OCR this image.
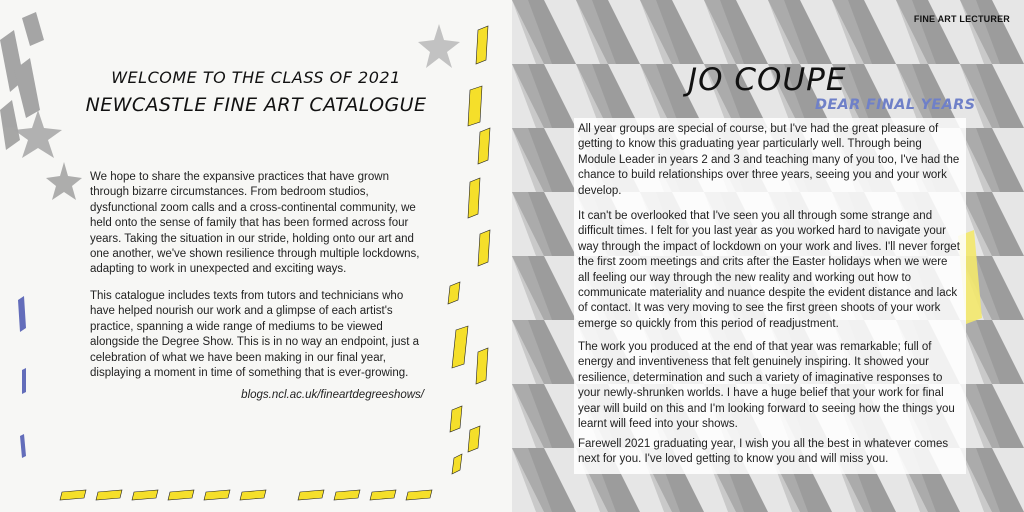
WELCOME TO THE CLASS OF 2021
NEWCASTLE FINE ART CATALOGUE

We hope to share the expansive practices that have grown through bizarre circumstances. From bedroom studios, dysfunctional zoom calls and a cross-continental community, we held onto the sense of family that has been formed across four years. Taking the situation in our stride, holding onto our art and one another, we've shown resilience through multiple lockdowns, adapting to work in unexpected and exciting ways.

This catalogue includes texts from tutors and technicians who have helped nourish our work and a glimpse of each artist's practice, spanning a wide range of mediums to be viewed alongside the Degree Show. This is in no way an endpoint, just a celebration of what we have been making in our final year, displaying a moment in time of something that is ever-growing.

blogs.ncl.ac.uk/fineartdegreeshows/
FINE ART LECTURER
JO COUPE
DEAR FINAL YEARS

All year groups are special of course, but I've had the great pleasure of getting to know this graduating year particularly well. Through being Module Leader in years 2 and 3 and teaching many of you too, I've had the chance to build relationships over three years, seeing you and your work develop.

It can't be overlooked that I've seen you all through some strange and difficult times. I felt for you last year as you worked hard to navigate your way through the impact of lockdown on your work and lives. I'll never forget the first zoom meetings and crits after the Easter holidays when we were all feeling our way through the new reality and working out how to communicate materiality and nuance despite the evident distance and lack of contact. It was very moving to see the first green shoots of your work emerge so quickly from this period of readjustment.

The work you produced at the end of that year was remarkable; full of energy and inventiveness that felt genuinely inspiring. It showed your resilience, determination and such a variety of imaginative responses to your newly-shrunken worlds. I have a huge belief that your work for final year will build on this and I'm looking forward to seeing how the things you learnt will feed into your shows.

Farewell 2021 graduating year, I wish you all the best in whatever comes next for you. I've loved getting to know you and will miss you.
